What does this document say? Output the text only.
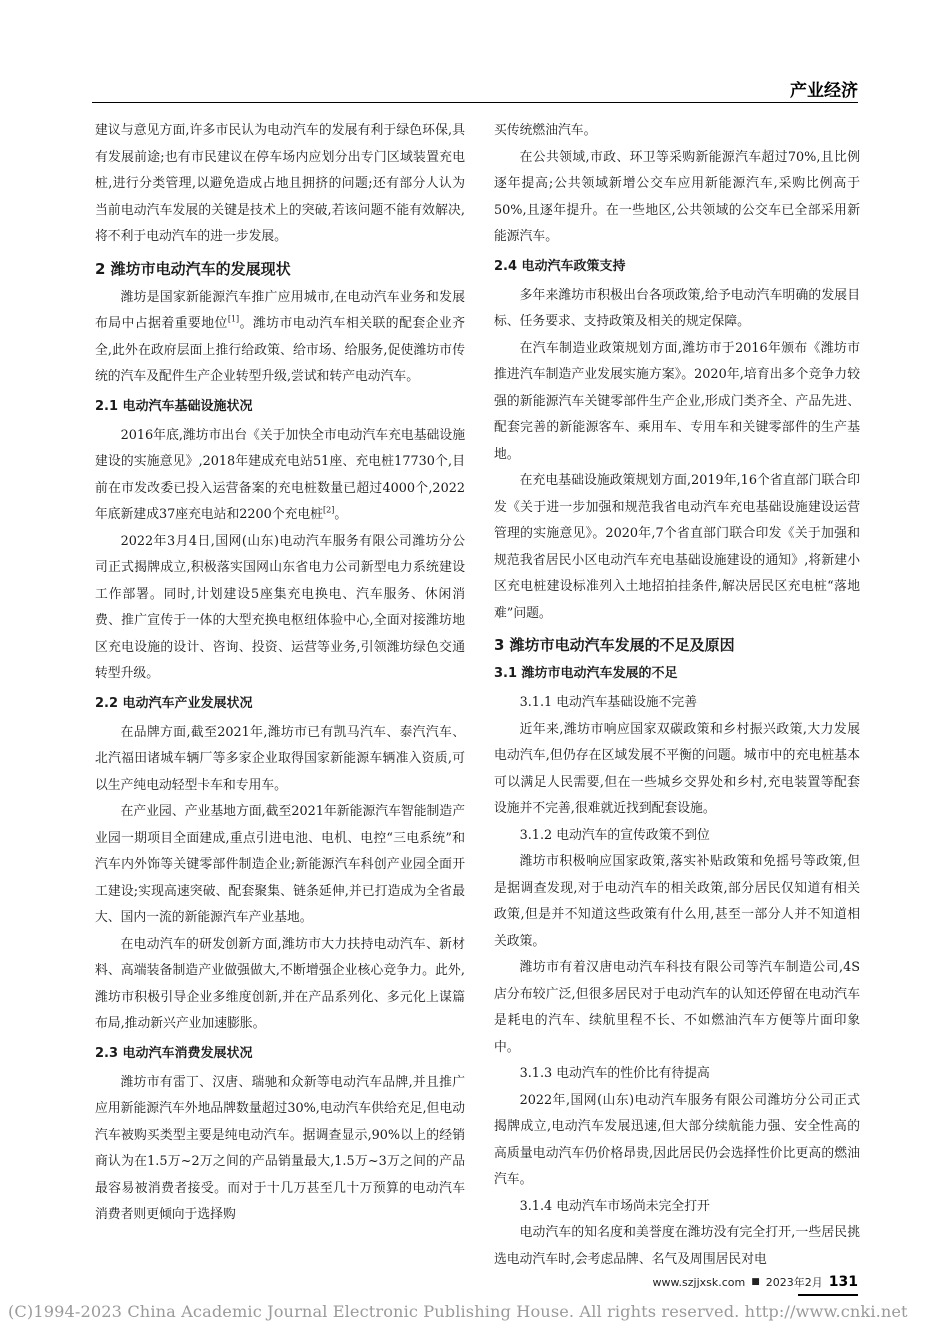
产业经济

建议与意见方面,许多市民认为电动汽车的发展有利于绿色环保,具有发展前途;也有市民建议在停车场内应划分出专门区域装置充电桩,进行分类管理,以避免造成占地且拥挤的问题;还有部分人认为当前电动汽车发展的关键是技术上的突破,若该问题不能有效解决,将不利于电动汽车的进一步发展。

2 潍坊市电动汽车的发展现状

潍坊是国家新能源汽车推广应用城市,在电动汽车业务和发展布局中占据着重要地位[1]。潍坊市电动汽车相关联的配套企业齐全,此外在政府层面上推行给政策、给市场、给服务,促使潍坊市传统的汽车及配件生产企业转型升级,尝试和转产电动汽车。

2.1 电动汽车基础设施状况

2016年底,潍坊市出台《关于加快全市电动汽车充电基础设施建设的实施意见》,2018年建成充电站51座、充电桩17730个,目前在市发改委已投入运营备案的充电桩数量已超过4000个,2022年底新建成37座充电站和2200个充电桩[2]。

2022年3月4日,国网(山东)电动汽车服务有限公司潍坊分公司正式揭牌成立,积极落实国网山东省电力公司新型电力系统建设工作部署。同时,计划建设5座集充电换电、汽车服务、休闲消费、推广宣传于一体的大型充换电枢纽体验中心,全面对接潍坊地区充电设施的设计、咨询、投资、运营等业务,引领潍坊绿色交通转型升级。

2.2 电动汽车产业发展状况

在品牌方面,截至2021年,潍坊市已有凯马汽车、泰汽汽车、北汽福田诸城车辆厂等多家企业取得国家新能源车辆准入资质,可以生产纯电动轻型卡车和专用车。

在产业园、产业基地方面,截至2021年新能源汽车智能制造产业园一期项目全面建成,重点引进电池、电机、电控“三电系统”和汽车内外饰等关键零部件制造企业;新能源汽车科创产业园全面开工建设;实现高速突破、配套聚集、链条延伸,并已打造成为全省最大、国内一流的新能源汽车产业基地。

在电动汽车的研发创新方面,潍坊市大力扶持电动汽车、新材料、高端装备制造产业做强做大,不断增强企业核心竞争力。此外,潍坊市积极引导企业多维度创新,并在产品系列化、多元化上谋篇布局,推动新兴产业加速膨胀。

2.3 电动汽车消费发展状况

潍坊市有雷丁、汉唐、瑞驰和众新等电动汽车品牌,并且推广应用新能源汽车外地品牌数量超过30%,电动汽车供给充足,但电动汽车被购买类型主要是纯电动汽车。据调查显示,90%以上的经销商认为在1.5万~2万之间的产品销量最大,1.5万~3万之间的产品最容易被消费者接受。而对于十几万甚至几十万预算的电动汽车消费者则更倾向于选择购

买传统燃油汽车。

在公共领域,市政、环卫等采购新能源汽车超过70%,且比例逐年提高;公共领域新增公交车应用新能源汽车,采购比例高于50%,且逐年提升。在一些地区,公共领域的公交车已全部采用新能源汽车。

2.4 电动汽车政策支持

多年来潍坊市积极出台各项政策,给予电动汽车明确的发展目标、任务要求、支持政策及相关的规定保障。

在汽车制造业政策规划方面,潍坊市于2016年颁布《潍坊市推进汽车制造产业发展实施方案》。2020年,培育出多个竞争力较强的新能源汽车关键零部件生产企业,形成门类齐全、产品先进、配套完善的新能源客车、乘用车、专用车和关键零部件的生产基地。

在充电基础设施政策规划方面,2019年,16个省直部门联合印发《关于进一步加强和规范我省电动汽车充电基础设施建设运营管理的实施意见》。2020年,7个省直部门联合印发《关于加强和规范我省居民小区电动汽车充电基础设施建设的通知》,将新建小区充电桩建设标准列入土地招拍挂条件,解决居民区充电桩“落地难”问题。

3 潍坊市电动汽车发展的不足及原因
3.1 潍坊市电动汽车发展的不足

3.1.1 电动汽车基础设施不完善

近年来,潍坊市响应国家双碳政策和乡村振兴政策,大力发展电动汽车,但仍存在区域发展不平衡的问题。城市中的充电桩基本可以满足人民需要,但在一些城乡交界处和乡村,充电装置等配套设施并不完善,很难就近找到配套设施。

3.1.2 电动汽车的宣传政策不到位

潍坊市积极响应国家政策,落实补贴政策和免摇号等政策,但是据调查发现,对于电动汽车的相关政策,部分居民仅知道有相关政策,但是并不知道这些政策有什么用,甚至一部分人并不知道相关政策。

潍坊市有着汉唐电动汽车科技有限公司等汽车制造公司,4S店分布较广泛,但很多居民对于电动汽车的认知还停留在电动汽车是耗电的汽车、续航里程不长、不如燃油汽车方便等片面印象中。

3.1.3 电动汽车的性价比有待提高

2022年,国网(山东)电动汽车服务有限公司潍坊分公司正式揭牌成立,电动汽车发展迅速,但大部分续航能力强、安全性高的高质量电动汽车仍价格昂贵,因此居民仍会选择性价比更高的燃油汽车。

3.1.4 电动汽车市场尚未完全打开

电动汽车的知名度和美誉度在潍坊没有完全打开,一些居民挑选电动汽车时,会考虑品牌、名气及周围居民对电

www.szjjxsk.com ■ 2023年2月 131
(C)1994-2023 China Academic Journal Electronic Publishing House. All rights reserved. http://www.cnki.net
